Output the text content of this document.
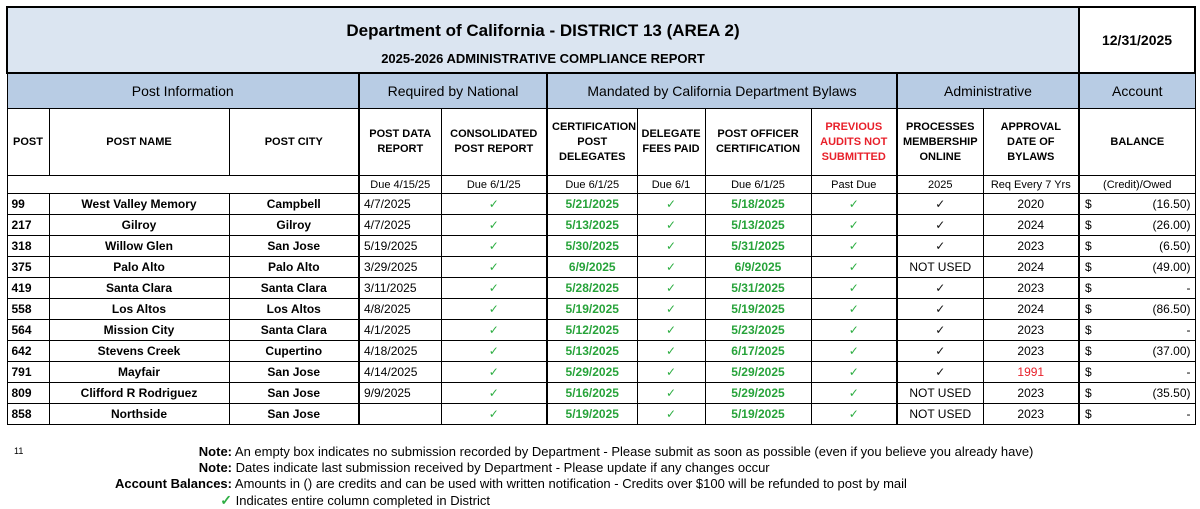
Department of California - DISTRICT 13 (AREA 2)
2025-2026 ADMINISTRATIVE COMPLIANCE REPORT											12/31/2025
Post Information			Required by National		Mandated by California Department Bylaws				Administrative		Account
POST	POST NAME	POST CITY	POST DATA REPORT	CONSOLIDATED POST REPORT	CERTIFICATION POST DELEGATES	DELEGATE FEES PAID	POST OFFICER CERTIFICATION	PREVIOUS AUDITS NOT SUBMITTED	PROCESSES MEMBERSHIP ONLINE	APPROVAL DATE OF BYLAWS	BALANCE
			Due 4/15/25	Due 6/1/25	Due 6/1/25	Due 6/1	Due 6/1/25	Past Due	2025	Req Every 7 Yrs	(Credit)/Owed
99	West Valley Memory	Campbell	4/7/2025	✓	5/21/2025	✓	5/18/2025	✓	✓	2020	$ (16.50)

217	Gilroy	Gilroy	4/7/2025	✓	5/13/2025	✓	5/13/2025	✓	✓	2024	$ (26.00)

318	Willow Glen	San Jose	5/19/2025	✓	5/30/2025	✓	5/31/2025	✓	✓	2023	$ (6.50)

375	Palo Alto	Palo Alto	3/29/2025	✓	6/9/2025	✓	6/9/2025	✓	NOT USED	2024	$ (49.00)

419	Santa Clara	Santa Clara	3/11/2025	✓	5/28/2025	✓	5/31/2025	✓	✓	2023	$ -

558	Los Altos	Los Altos	4/8/2025	✓	5/19/2025	✓	5/19/2025	✓	✓	2024	$ (86.50)

564	Mission City	Santa Clara	4/1/2025	✓	5/12/2025	✓	5/23/2025	✓	✓	2023	$ -

642	Stevens Creek	Cupertino	4/18/2025	✓	5/13/2025	✓	6/17/2025	✓	✓	2023	$ (37.00)

791	Mayfair	San Jose	4/14/2025	✓	5/29/2025	✓	5/29/2025	✓	✓	1991	$ -

809	Clifford R Rodriguez	San Jose	9/9/2025	✓	5/16/2025	✓	5/29/2025	✓	NOT USED	2023	$ (35.50)

858	Northside	San Jose		✓	5/19/2025	✓	5/19/2025	✓	NOT USED	2023	$ -
11	Note: An empty box indicates no submission recorded by Department - Please submit as soon as possible (even if you believe you already have)
Note: Dates indicate last submission received by Department - Please update if any changes occur
Account Balances: Amounts in () are credits and can be used with written notification - Credits over $100 will be refunded to post by mail
✓ Indicates entire column completed in District
